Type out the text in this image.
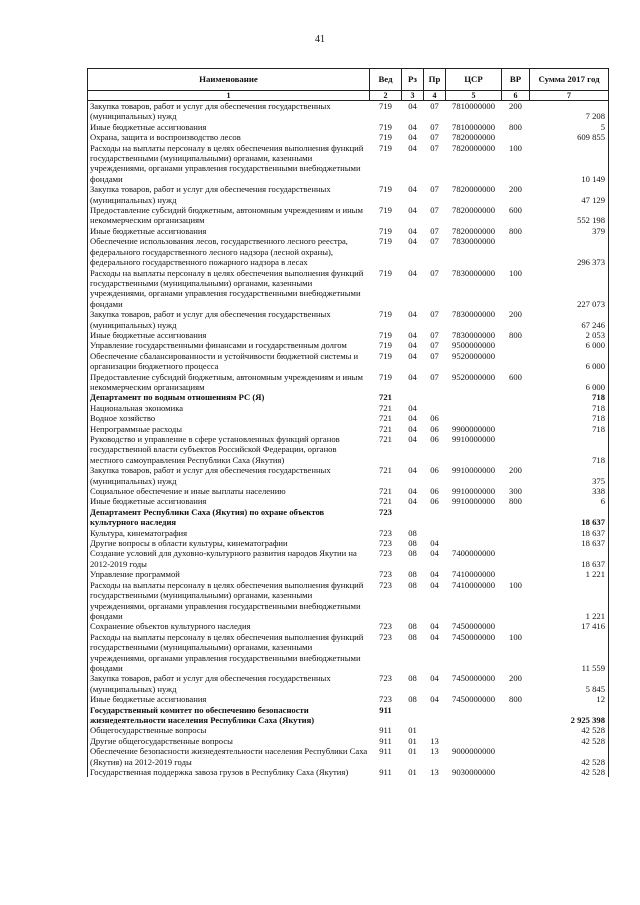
41
Наименование	Вед	Рз	Пр	ЦСР	ВР	Сумма 2017 год
1	2	3	4	5	6	7
Закупка товаров, работ и услуг для обеспечения государственных (муниципальных) нужд	719	04	07	7810000000	200	7 208
Иные бюджетные ассигнования	719	04	07	7810000000	800	5
Охрана, защита и воспроизводство лесов	719	04	07	7820000000		609 855
Расходы на выплаты персоналу в целях обеспечения выполнения функций государственными (муниципальными) органами, казенными учреждениями, органами управления государственными внебюджетными фондами	719	04	07	7820000000	100	10 149
Закупка товаров, работ и услуг для обеспечения государственных (муниципальных) нужд	719	04	07	7820000000	200	47 129
Предоставление субсидий бюджетным, автономным учреждениям и иным некоммерческим организациям	719	04	07	7820000000	600	552 198
Иные бюджетные ассигнования	719	04	07	7820000000	800	379
Обеспечение использования лесов, государственного лесного реестра, федерального государственного лесного надзора (лесной охраны), федерального государственного пожарного надзора в лесах	719	04	07	7830000000		296 373
Расходы на выплаты персоналу в целях обеспечения выполнения функций государственными (муниципальными) органами, казенными учреждениями, органами управления государственными внебюджетными фондами	719	04	07	7830000000	100	227 073
Закупка товаров, работ и услуг для обеспечения государственных (муниципальных) нужд	719	04	07	7830000000	200	67 246
Иные бюджетные ассигнования	719	04	07	7830000000	800	2 053
Управление государственными финансами и государственным долгом	719	04	07	9500000000		6 000
Обеспечение сбалансированности и устойчивости бюджетной системы и организации бюджетного процесса	719	04	07	9520000000		6 000
Предоставление субсидий бюджетным, автономным учреждениям и иным некоммерческим организациям	719	04	07	9520000000	600	6 000
Департамент по водным отношениям РС (Я)	721					718
Национальная экономика	721	04				718
Водное хозяйство	721	04	06			718
Непрограммные расходы	721	04	06	9900000000		718
Руководство и управление в сфере установленных функций органов государственной власти субъектов Российской Федерации, органов местного самоуправления Республики Саха (Якутия)	721	04	06	9910000000		718
Закупка товаров, работ и услуг для обеспечения государственных (муниципальных) нужд	721	04	06	9910000000	200	375
Социальное обеспечение и иные выплаты населению	721	04	06	9910000000	300	338
Иные бюджетные ассигнования	721	04	06	9910000000	800	6
Департамент Республики Саха (Якутия) по охране объектов культурного наследия	723					18 637
Культура, кинематография	723	08				18 637
Другие вопросы в области культуры, кинематографии	723	08	04			18 637
Создание условий для духовно-культурного развития народов Якутии на 2012-2019 годы	723	08	04	7400000000		18 637
Управление программой	723	08	04	7410000000		1 221
Расходы на выплаты персоналу в целях обеспечения выполнения функций государственными (муниципальными) органами, казенными учреждениями, органами управления государственными внебюджетными фондами	723	08	04	7410000000	100	1 221
Сохранение объектов культурного наследия	723	08	04	7450000000		17 416
Расходы на выплаты персоналу в целях обеспечения выполнения функций государственными (муниципальными) органами, казенными учреждениями, органами управления государственными внебюджетными фондами	723	08	04	7450000000	100	11 559
Закупка товаров, работ и услуг для обеспечения государственных (муниципальных) нужд	723	08	04	7450000000	200	5 845
Иные бюджетные ассигнования	723	08	04	7450000000	800	12
Государственный комитет по обеспечению безопасности жизнедеятельности населения Республики Саха (Якутия)	911					2 925 398
Общегосударственные вопросы	911	01				42 528
Другие общегосударственные вопросы	911	01	13			42 528
Обеспечение безопасности жизнедеятельности населения Республики Саха (Якутия) на 2012-2019 годы	911	01	13	9000000000		42 528
Государственная поддержка завоза грузов в Республику Саха (Якутия)	911	01	13	9030000000		42 528
